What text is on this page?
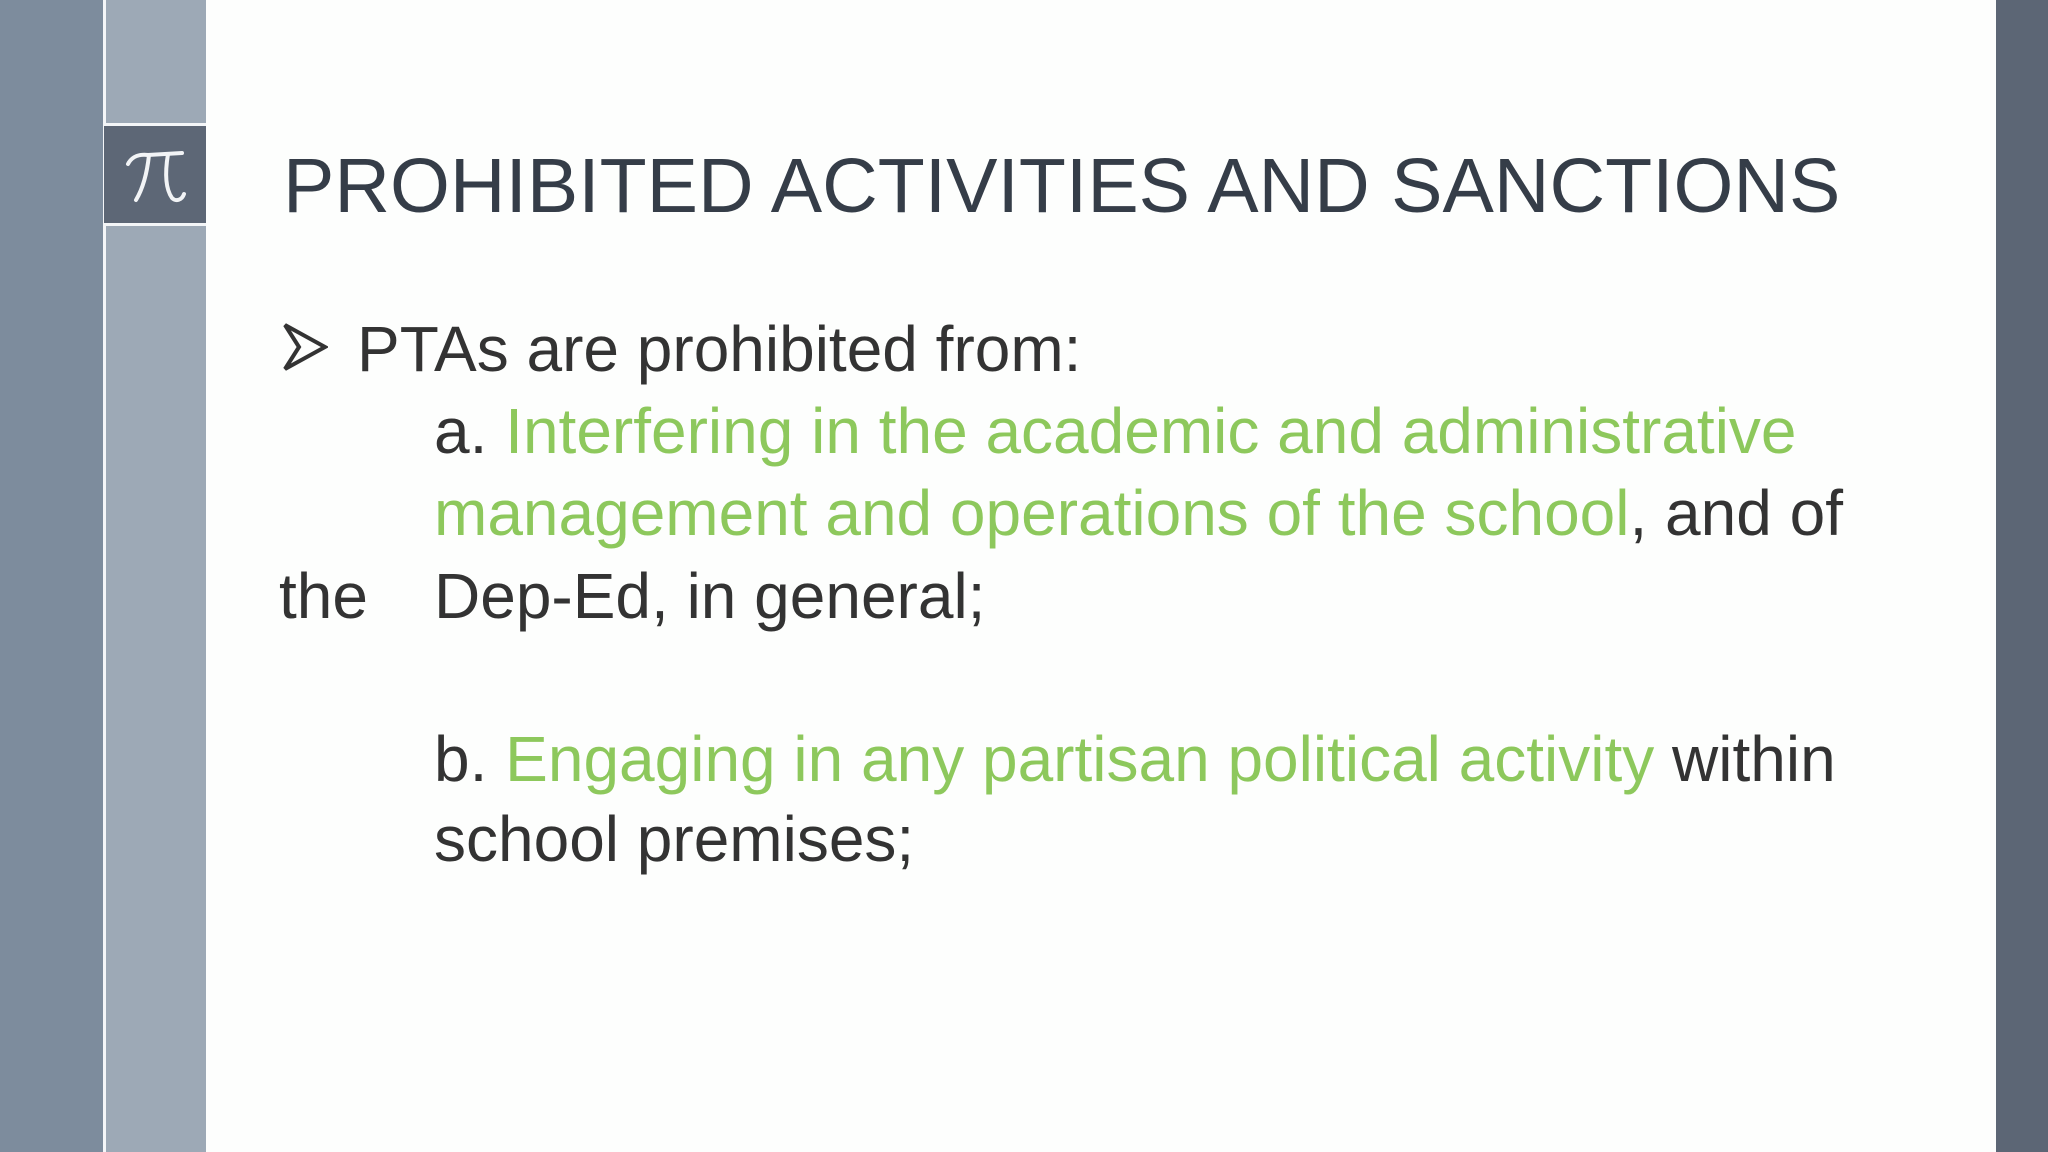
PROHIBITED ACTIVITIES AND SANCTIONS
PTAs are prohibited from:
a. Interfering in the academic and administrative
management and operations of the school, and of
the Dep-Ed, in general;
b. Engaging in any partisan political activity within
school premises;
